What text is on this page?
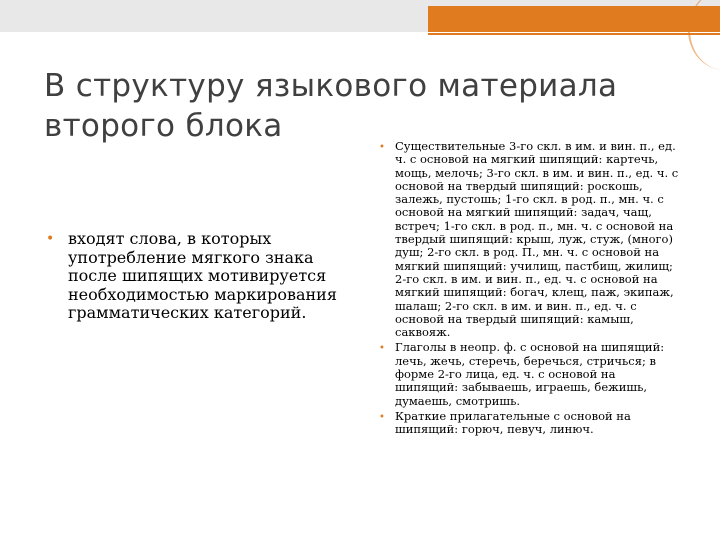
В структуру языкового материала второго блока
• входят слова, в которых употребление мягкого знака после шипящих мотивируется необходимостью маркирования грамматических категорий.
• Существительные 3-го скл. в им. и вин. п., ед. ч. с основой на мягкий шипящий: картечь, мощь, мелочь; 3-го скл. в им. и вин. п., ед. ч. с основой на твердый шипящий: роскошь, залежь, пустошь; 1-го скл. в род. п., мн. ч. с основой на мягкий шипящий: задач, чащ, встреч; 1-го скл. в род. п., мн. ч. с основой на твердый шипящий: крыш, луж, стуж, (много) душ; 2-го скл. в род. П., мн. ч. с основой на мягкий шипящий: училищ, пастбищ, жилищ; 2-го скл. в им. и вин. п., ед. ч. с основой на мягкий шипящий: богач, клещ, паж, экипаж, шалаш; 2-го скл. в им. и вин. п., ед. ч. с основой на твердый шипящий: камыш, саквояж.
• Глаголы в неопр. ф. с основой на шипящий: лечь, жечь, стеречь, беречься, стричься; в форме 2-го лица, ед. ч. с основой на шипящий: забываешь, играешь, бежишь, думаешь, смотришь.
• Краткие прилагательные с основой на шипящий: горюч, певуч, линюч.
